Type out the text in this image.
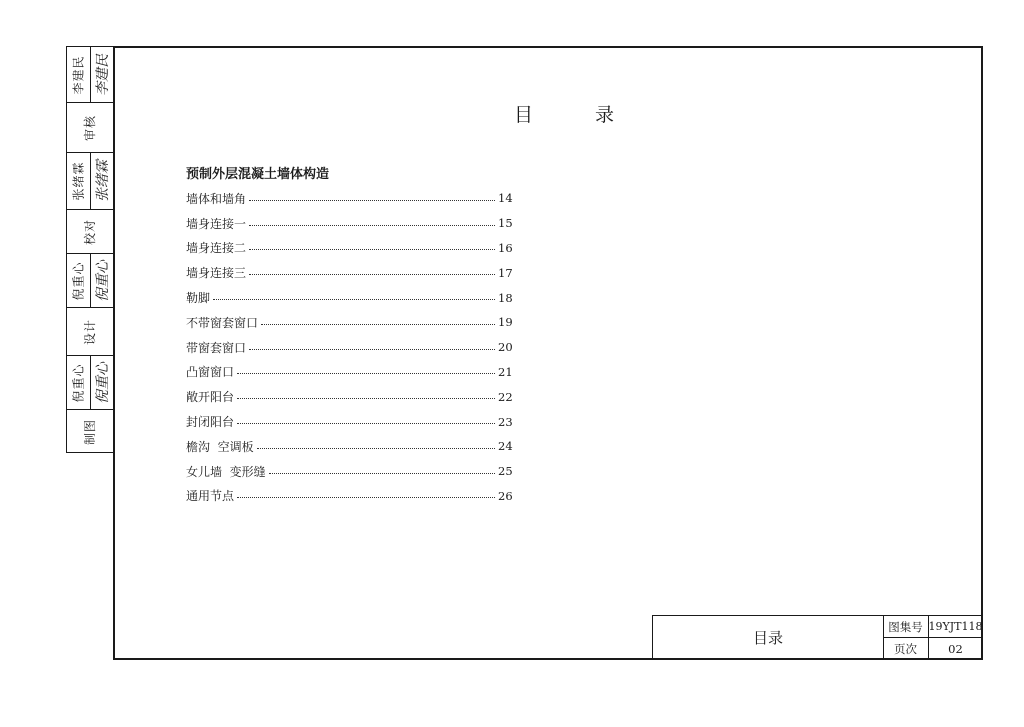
李建民 李建民
审核
张绪霖 张绪霖
校对
倪重心 倪重心
设计
倪重心 倪重心
制图
目 录
预制外层混凝土墙体构造
墙体和墙角	14
墙身连接一	15
墙身连接二	16
墙身连接三	17
勒脚	18
不带窗套窗口	19
带窗套窗口	20
凸窗窗口	21
敞开阳台	22
封闭阳台	23
檐沟  空调板	24
女儿墙  变形缝	25
通用节点	26
目录
图集号 19YJT118
页次	02
